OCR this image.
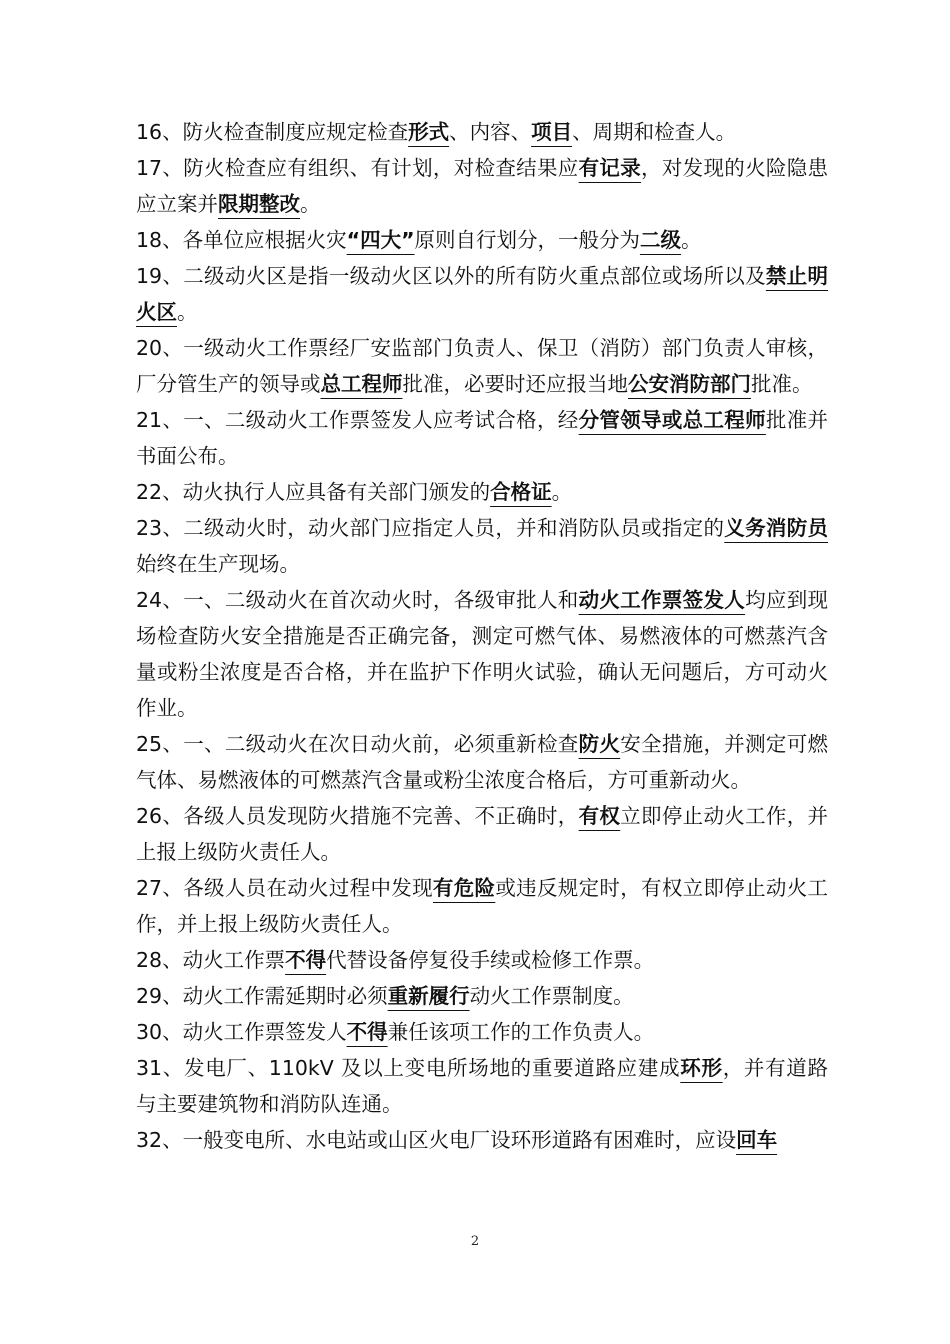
16、防火检查制度应规定检查形式、内容、项目、周期和检查人。

17、防火检查应有组织、有计划，对检查结果应有记录，对发现的火险隐患应立案并限期整改。

18、各单位应根据火灾“四大”原则自行划分，一般分为二级。

19、二级动火区是指一级动火区以外的所有防火重点部位或场所以及禁止明火区。

20、一级动火工作票经厂安监部门负责人、保卫（消防）部门负责人审核，厂分管生产的领导或总工程师批准，必要时还应报当地公安消防部门批准。

21、一、二级动火工作票签发人应考试合格，经分管领导或总工程师批准并书面公布。

22、动火执行人应具备有关部门颁发的合格证。

23、二级动火时，动火部门应指定人员，并和消防队员或指定的义务消防员始终在生产现场。

24、一、二级动火在首次动火时，各级审批人和动火工作票签发人均应到现场检查防火安全措施是否正确完备，测定可燃气体、易燃液体的可燃蒸汽含量或粉尘浓度是否合格，并在监护下作明火试验，确认无问题后，方可动火作业。

25、一、二级动火在次日动火前，必须重新检查防火安全措施，并测定可燃气体、易燃液体的可燃蒸汽含量或粉尘浓度合格后，方可重新动火。

26、各级人员发现防火措施不完善、不正确时，有权立即停止动火工作，并上报上级防火责任人。

27、各级人员在动火过程中发现有危险或违反规定时，有权立即停止动火工作，并上报上级防火责任人。

28、动火工作票不得代替设备停复役手续或检修工作票。

29、动火工作需延期时必须重新履行动火工作票制度。

30、动火工作票签发人不得兼任该项工作的工作负责人。

31、发电厂、110kV 及以上变电所场地的重要道路应建成环形，并有道路与主要建筑物和消防队连通。

32、一般变电所、水电站或山区火电厂设环形道路有困难时，应设回车

2
